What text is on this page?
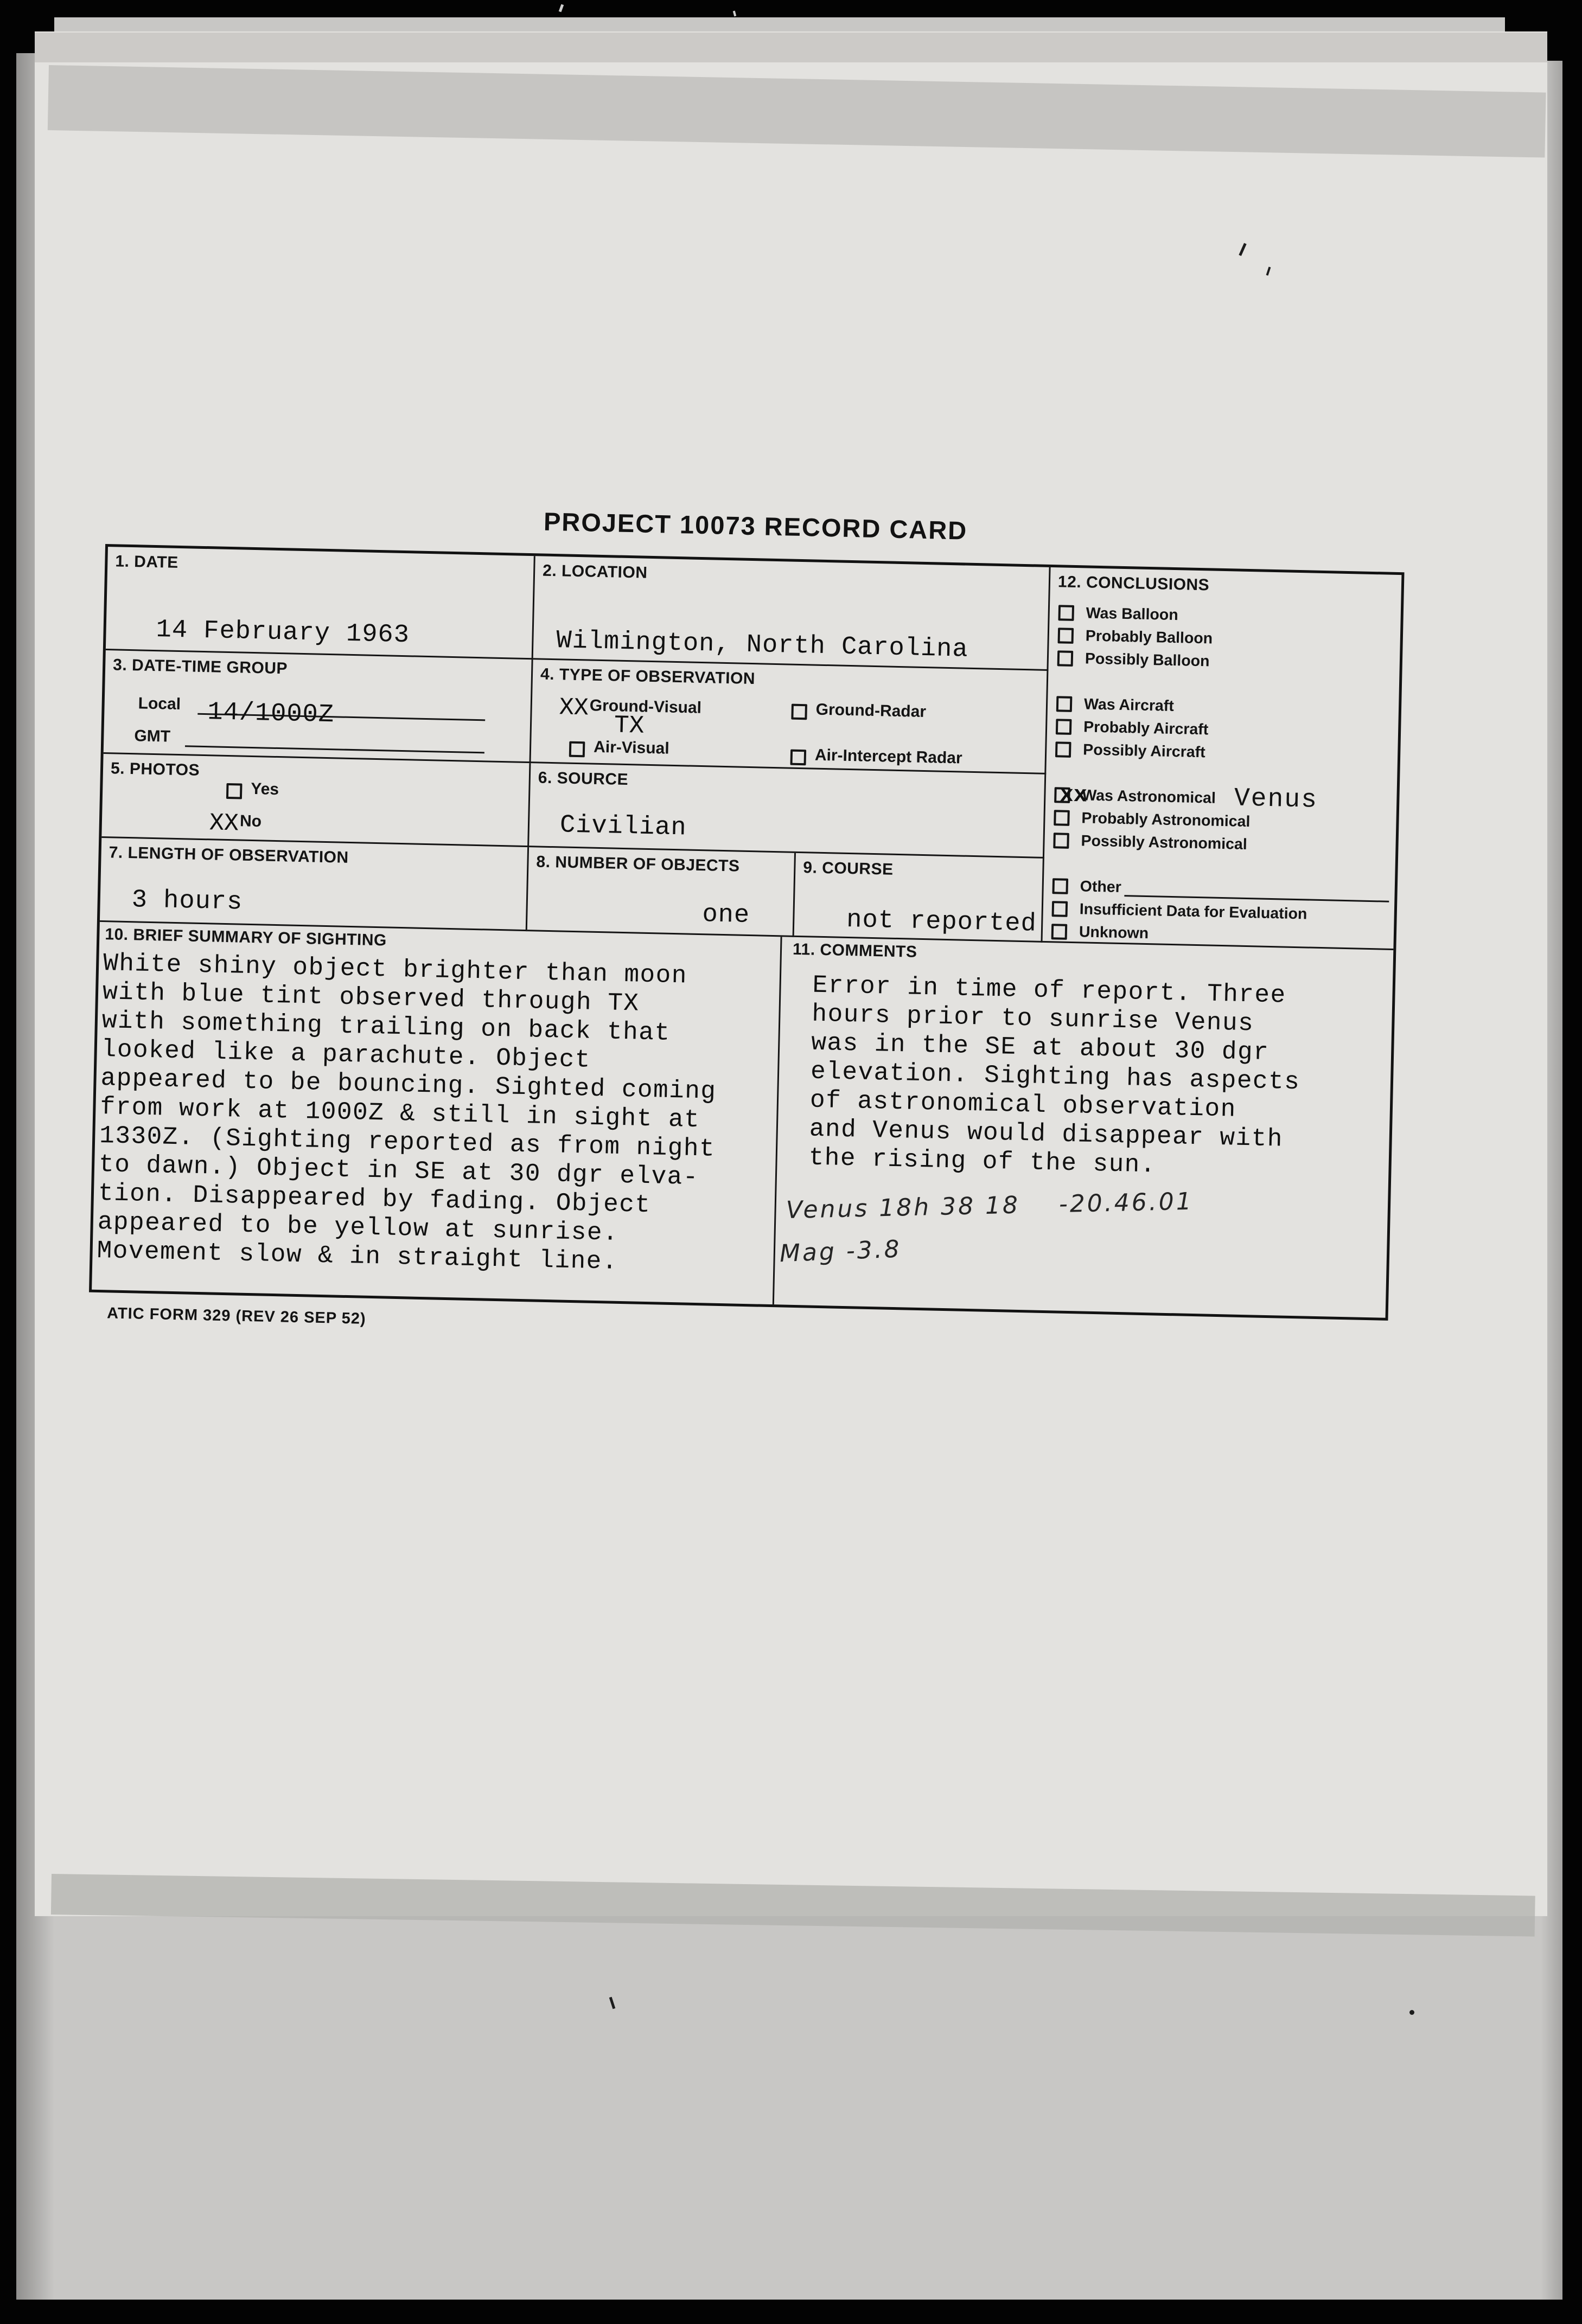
PROJECT 10073 RECORD CARD
1. DATE
14 February 1963
2. LOCATION
Wilmington, North Carolina
12. CONCLUSIONS
Was Balloon
Probably Balloon
Possibly Balloon
Was Aircraft
Probably Aircraft
Possibly Aircraft
xx
Was Astronomical Venus
Probably Astronomical
Possibly Astronomical
Other
Insufficient Data for Evaluation
Unknown
3. DATE-TIME GROUP
Local 14/1000Z
GMT
4. TYPE OF OBSERVATION
XXGround-Visual
TX
Air-Visual
Ground-Radar
Air-Intercept Radar
5. PHOTOS
Yes
XXNo
6. SOURCE
Civilian
7. LENGTH OF OBSERVATION
3 hours
8. NUMBER OF OBJECTS
one
9. COURSE
not reported
10. BRIEF SUMMARY OF SIGHTING
White shiny object brighter than moon
with blue tint observed through TX
with something trailing on back that
looked like a parachute. Object
appeared to be bouncing. Sighted coming
from work at 1000Z & still in sight at
1330Z. (Sighting reported as from night
to dawn.) Object in SE at 30 dgr elva-
tion. Disappeared by fading. Object
appeared to be yellow at sunrise.
Movement slow & in straight line.
11. COMMENTS
Error in time of report. Three
hours prior to sunrise Venus
was in the SE at about 30 dgr
elevation. Sighting has aspects
of astronomical observation
and Venus would disappear with
the rising of the sun.
Venus 18h 38 18    -20.46.01
Mag -3.8
ATIC FORM 329 (REV 26 SEP 52)
